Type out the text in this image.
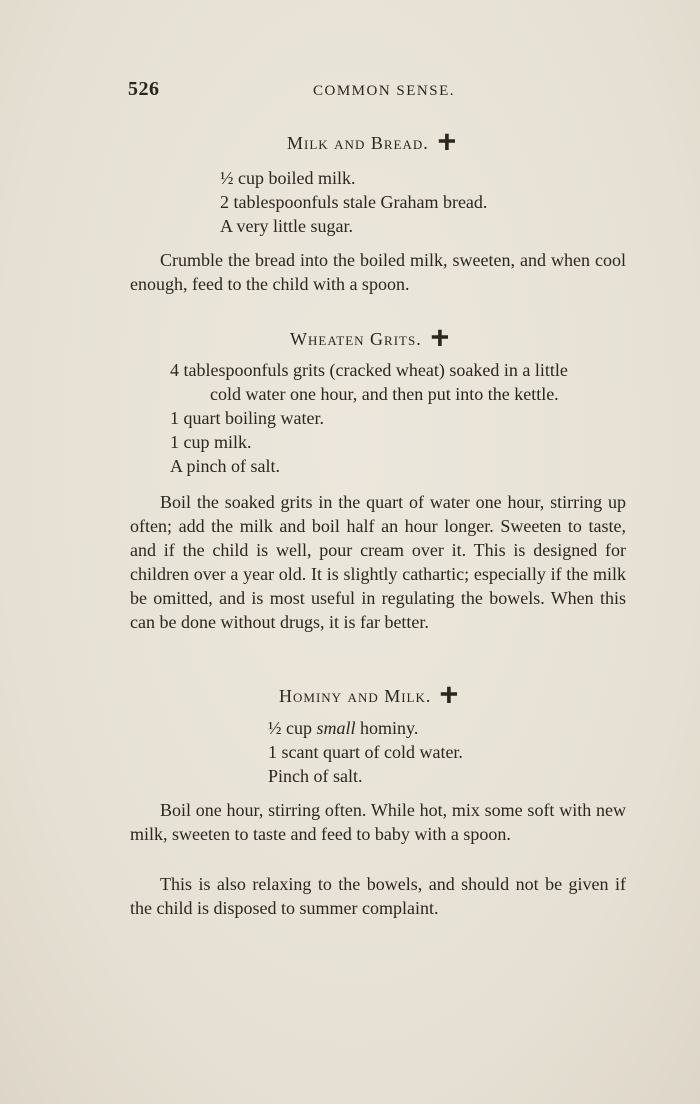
526	COMMON SENSE.
Milk and Bread.
½ cup boiled milk.
2 tablespoonfuls stale Graham bread.
A very little sugar.
Crumble the bread into the boiled milk, sweeten, and when cool enough, feed to the child with a spoon.
Wheaten Grits.
4 tablespoonfuls grits (cracked wheat) soaked in a little
cold water one hour, and then put into the kettle.
1 quart boiling water.
1 cup milk.
A pinch of salt.
Boil the soaked grits in the quart of water one hour, stirring up often; add the milk and boil half an hour longer. Sweeten to taste, and if the child is well, pour cream over it. This is designed for children over a year old. It is slightly cathartic; especially if the milk be omitted, and is most useful in regulating the bowels. When this can be done without drugs, it is far better.
Hominy and Milk.
½ cup small hominy.
1 scant quart of cold water.
Pinch of salt.
Boil one hour, stirring often. While hot, mix some soft with new milk, sweeten to taste and feed to baby with a spoon.
This is also relaxing to the bowels, and should not be given if the child is disposed to summer complaint.
